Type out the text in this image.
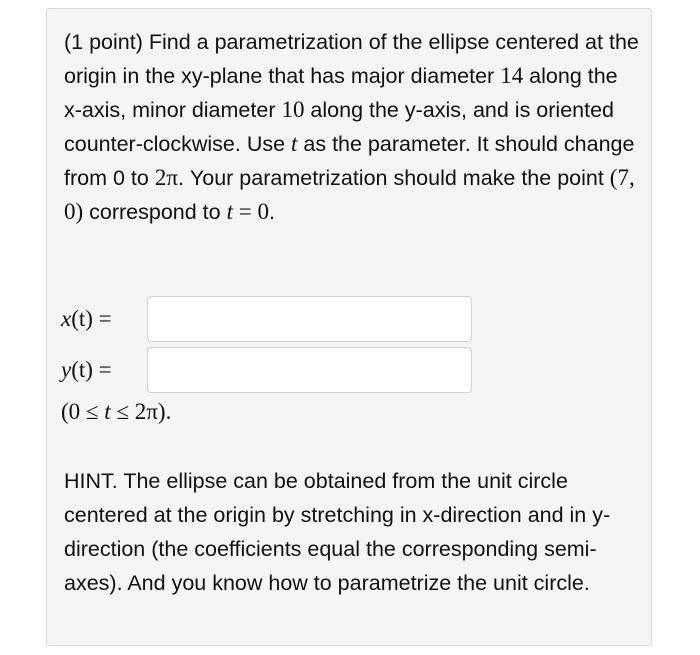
(1 point) Find a parametrization of the ellipse centered at the origin in the xy-plane that has major diameter 14 along the x-axis, minor diameter 10 along the y-axis, and is oriented counter-clockwise. Use t as the parameter. It should change from 0 to 2π. Your parametrization should make the point (7, 0) correspond to t = 0.

x(t) =
y(t) =
(0 ≤ t ≤ 2π).

HINT. The ellipse can be obtained from the unit circle centered at the origin by stretching in x-direction and in y-direction (the coefficients equal the corresponding semi-axes). And you know how to parametrize the unit circle.
